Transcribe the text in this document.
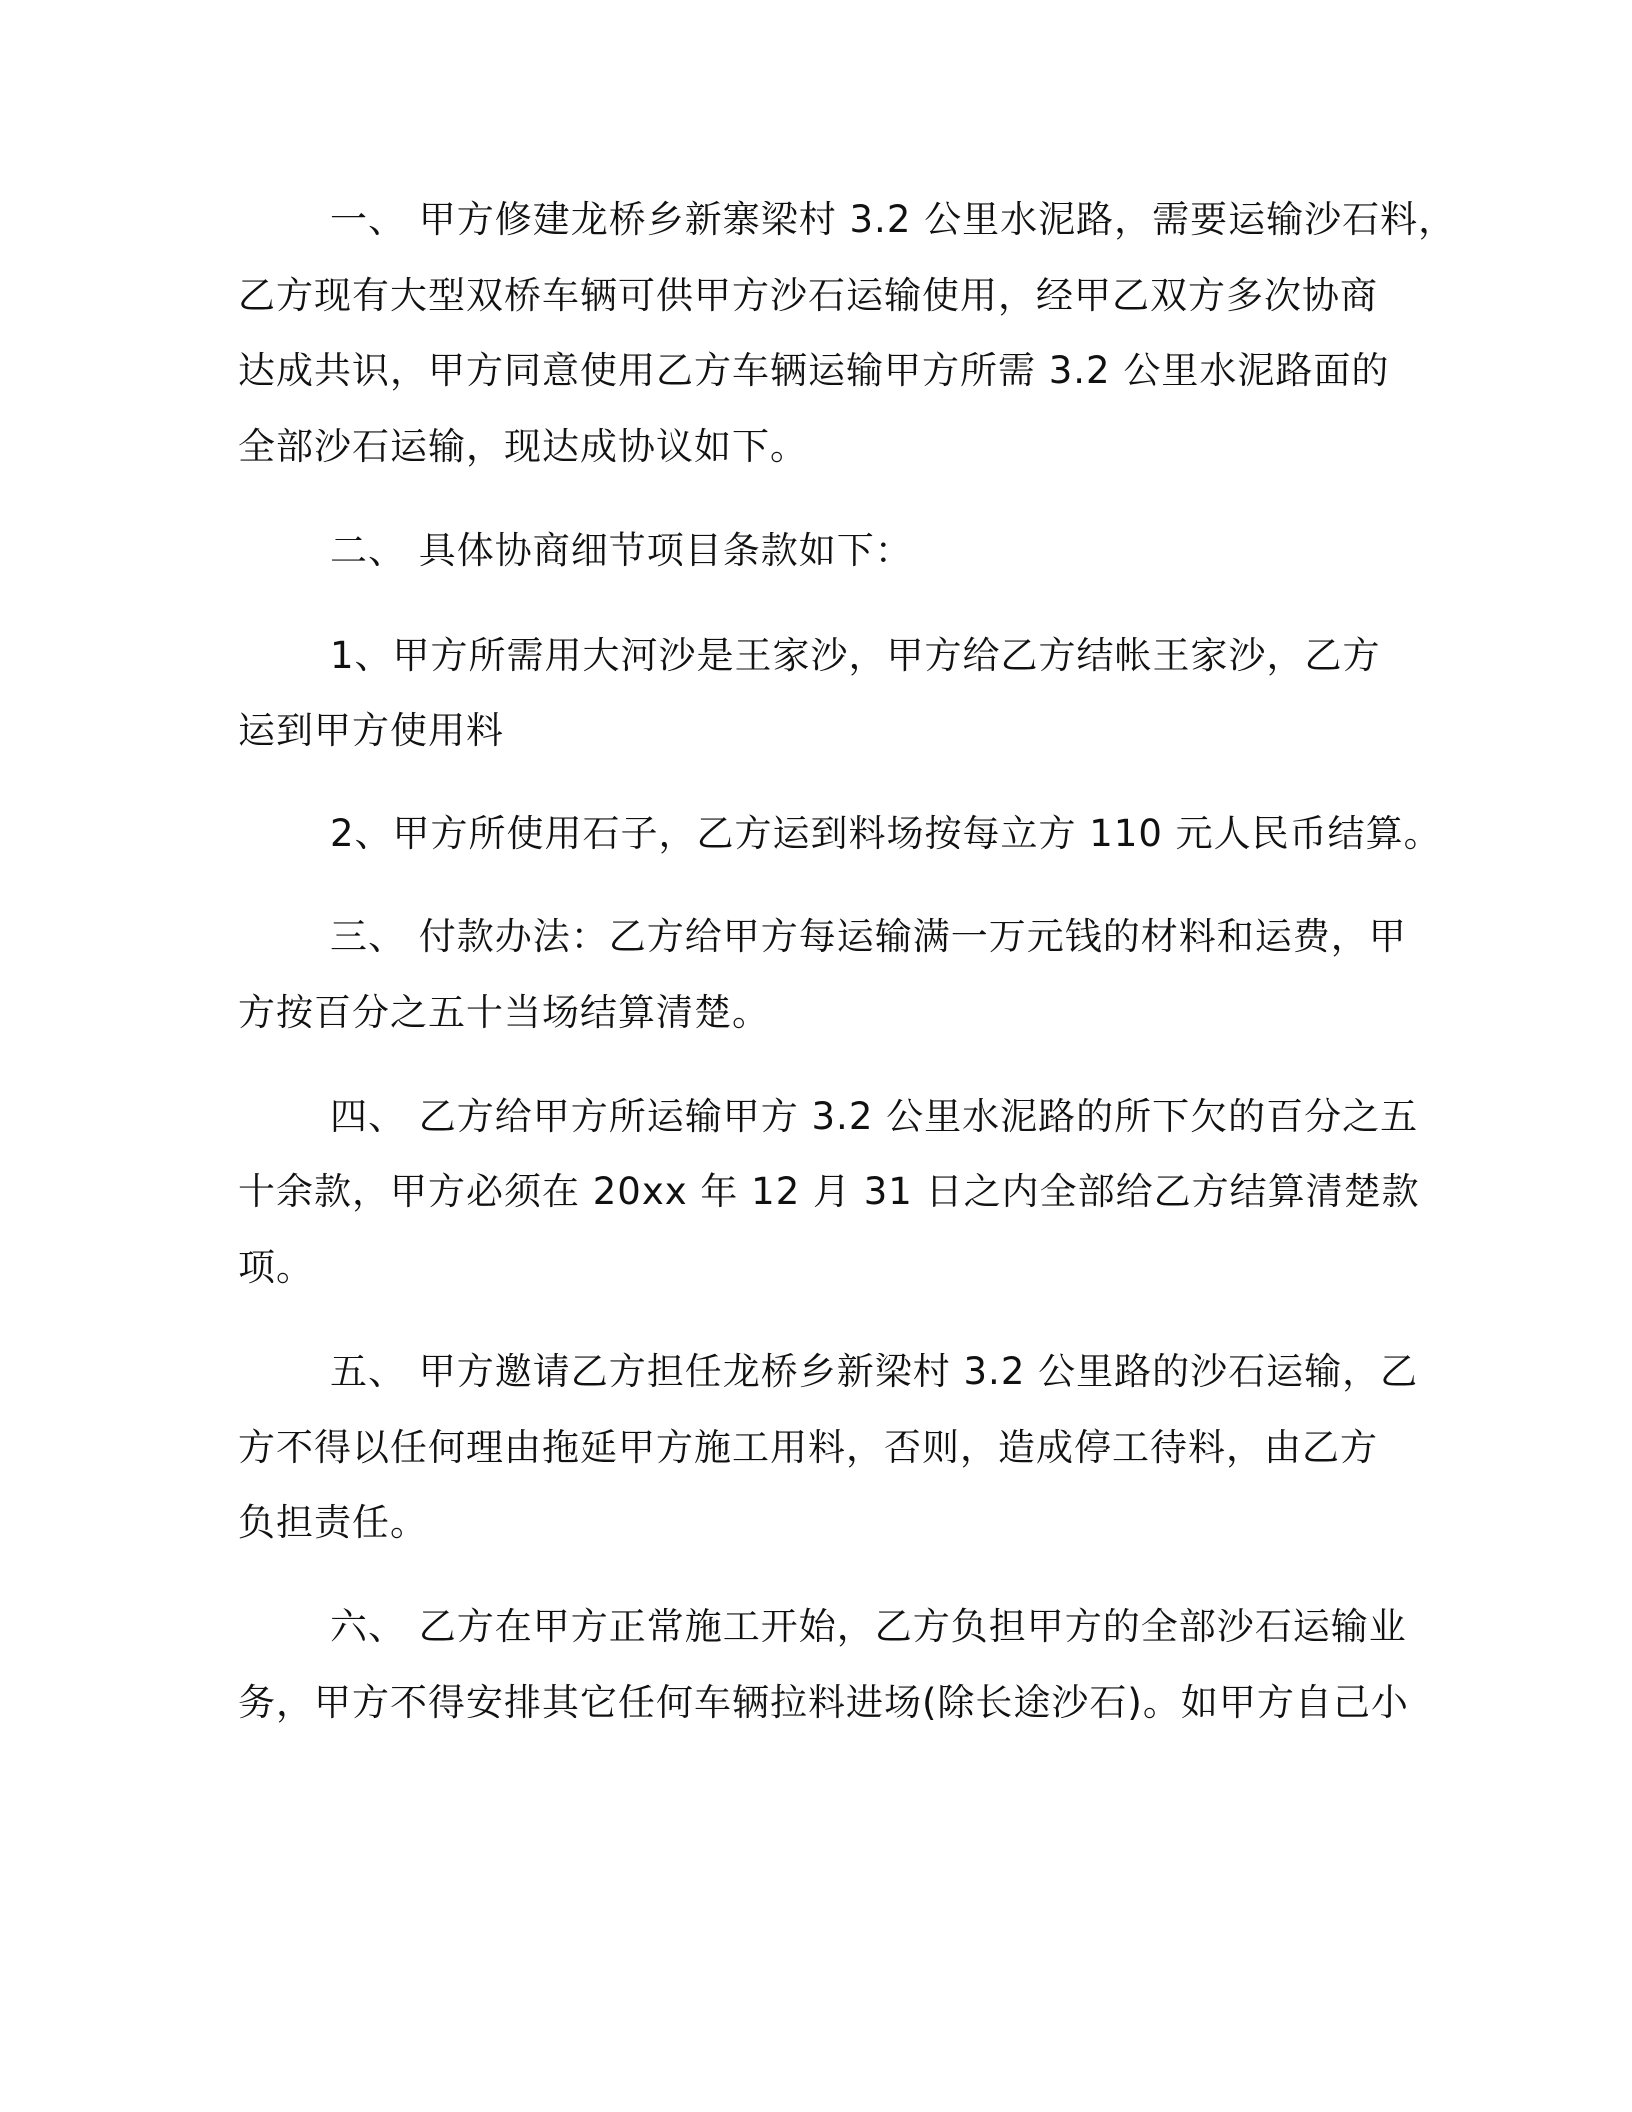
一、 甲方修建龙桥乡新寨梁村 3.2 公里水泥路，需要运输沙石料，
乙方现有大型双桥车辆可供甲方沙石运输使用，经甲乙双方多次协商
达成共识，甲方同意使用乙方车辆运输甲方所需 3.2 公里水泥路面的
全部沙石运输，现达成协议如下。
二、 具体协商细节项目条款如下：
1、甲方所需用大河沙是王家沙，甲方给乙方结帐王家沙，乙方
运到甲方使用料
2、甲方所使用石子，乙方运到料场按每立方 110 元人民币结算。
三、 付款办法：乙方给甲方每运输满一万元钱的材料和运费，甲
方按百分之五十当场结算清楚。
四、 乙方给甲方所运输甲方 3.2 公里水泥路的所下欠的百分之五
十余款，甲方必须在 20xx 年 12 月 31 日之内全部给乙方结算清楚款
项。
五、 甲方邀请乙方担任龙桥乡新梁村 3.2 公里路的沙石运输，乙
方不得以任何理由拖延甲方施工用料，否则，造成停工待料，由乙方
负担责任。
六、 乙方在甲方正常施工开始，乙方负担甲方的全部沙石运输业
务，甲方不得安排其它任何车辆拉料进场(除长途沙石)。如甲方自己小
